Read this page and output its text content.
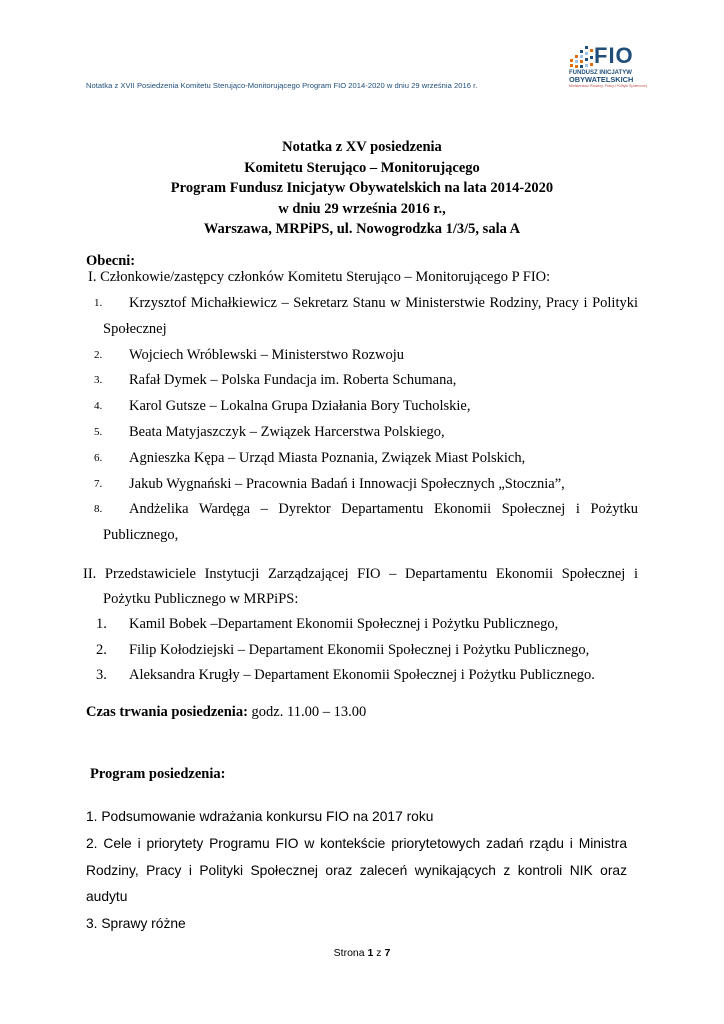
Notatka z XVII Posiedzenia Komitetu Sterująco-Monitorującego Program FIO 2014-2020 w dniu 29 września 2016 r.
FIO
FUNDUSZ INICJATYW
OBYWATELSKICH
Ministerstwo Rodziny, Pracy i Polityki Społecznej
Notatka z XV posiedzenia
Komitetu Sterująco – Monitorującego
Program Fundusz Inicjatyw Obywatelskich na lata 2014-2020
w dniu 29 września 2016 r.,
Warszawa, MRPiPS, ul. Nowogrodzka 1/3/5, sala A
Obecni:
I. Członkowie/zastępcy członków Komitetu Sterująco – Monitorującego P FIO:
1.	Krzysztof Michałkiewicz – Sekretarz Stanu w Ministerstwie Rodziny, Pracy i Polityki
Społecznej
2.	Wojciech Wróblewski – Ministerstwo Rozwoju
3.	Rafał Dymek – Polska Fundacja im. Roberta Schumana,
4.	Karol Gutsze – Lokalna Grupa Działania Bory Tucholskie,
5.	Beata Matyjaszczyk – Związek Harcerstwa Polskiego,
6.	Agnieszka Kępa – Urząd Miasta Poznania, Związek Miast Polskich,
7.	Jakub Wygnański – Pracownia Badań i Innowacji Społecznych „Stocznia”,
8.	Andżelika Wardęga – Dyrektor Departamentu Ekonomii Społecznej i Pożytku
Publicznego,
II. Przedstawiciele Instytucji Zarządzającej FIO – Departamentu Ekonomii Społecznej i
Pożytku Publicznego w MRPiPS:
1.	Kamil Bobek –Departament Ekonomii Społecznej i Pożytku Publicznego,
2.	Filip Kołodziejski – Departament Ekonomii Społecznej i Pożytku Publicznego,
3.	Aleksandra Krugły – Departament Ekonomii Społecznej i Pożytku Publicznego.
Czas trwania posiedzenia: godz. 11.00 – 13.00
Program posiedzenia:
1. Podsumowanie wdrażania konkursu FIO na 2017 roku
2. Cele i priorytety Programu FIO w kontekście priorytetowych zadań rządu i Ministra
Rodziny, Pracy i Polityki Społecznej oraz zaleceń wynikających z kontroli NIK oraz
audytu
3. Sprawy różne
Strona 1 z 7
